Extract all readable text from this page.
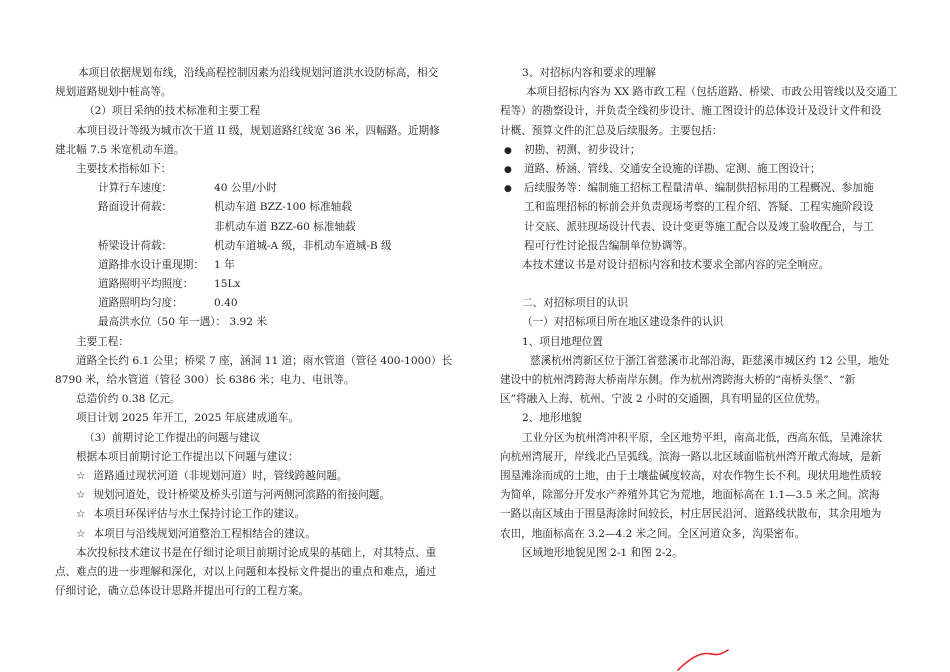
本项目依据规划布线，沿线高程控制因素为沿线规划河道洪水设防标高，相交
规划道路规划中桩高等。
（2）项目采纳的技术标准和主要工程
本项目设计等级为城市次干道 II 级，规划道路红线宽 36 米，四幅路。近期修
建北幅 7.5 米宽机动车道。
主要技术指标如下：
计算行车速度：	40 公里/小时
路面设计荷载：	机动车道 BZZ-100 标准轴载
非机动车道 BZZ-60 标准轴载
桥梁设计荷载：	机动车道城-A 级，非机动车道城-B 级
道路排水设计重现期： 1 年
道路照明平均照度：	15Lx
道路照明均匀度：	0.40
最高洪水位（50 年一遇）： 3.92 米
主要工程：
道路全长约 6.1 公里；桥梁 7 座，涵洞 11 道；雨水管道（管径 400-1000）长
8790 米，给水管道（管径 300）长 6386 米；电力、电讯等。
总造价约 0.38 亿元。
项目计划 2025 年开工，2025 年底建成通车。
（3）前期讨论工作提出的问题与建议
根据本项目前期讨论工作提出以下问题与建议：
☆ 道路通过现状河道（非规划河道）时，管线跨越问题。
☆ 规划河道处，设计桥梁及桥头引道与河两侧河滨路的衔接问题。
☆ 本项目环保评估与水土保持讨论工作的建议。
☆ 本项目与沿线规划河道整治工程相结合的建议。
本次投标技术建议书是在仔细讨论项目前期讨论成果的基础上，对其特点、重
点、难点的进一步理解和深化，对以上问题和本投标文件提出的重点和难点，通过
仔细讨论，确立总体设计思路并提出可行的工程方案。
3、对招标内容和要求的理解
本项目招标内容为 XX 路市政工程（包括道路、桥梁、市政公用管线以及交通工
程等）的勘察设计，并负责全线初步设计、施工图设计的总体设计及设计文件和设
计概、预算文件的汇总及后续服务。主要包括：
● 初勘、初测、初步设计；
● 道路、桥涵、管线、交通安全设施的详勘、定测、施工图设计；
● 后续服务等：编制施工招标工程量清单、编制供招标用的工程概况、参加施
工和监理招标的标前会并负责现场考察的工程介绍、答疑、工程实施阶段设
计交底、派驻现场设计代表、设计变更等施工配合以及竣工验收配合，与工
程可行性讨论报告编制单位协调等。
本技术建议书是对设计招标内容和技术要求全部内容的完全响应。
二、对招标项目的认识
（一）对招标项目所在地区建设条件的认识
1、项目地理位置
慈溪杭州湾新区位于浙江省慈溪市北部沿海，距慈溪市城区约 12 公里，地处
建设中的杭州湾跨海大桥南岸东侧。作为杭州湾跨海大桥的“南桥头堡”、“新
区”将融入上海、杭州、宁波 2 小时的交通圈，具有明显的区位优势。
2、地形地貌
工业分区为杭州湾冲积平原，全区地势平坦，南高北低，西高东低，呈滩涂状
向杭州湾展开，岸线北凸呈弧线。滨海一路以北区域面临杭州湾开敞式海域，是新
围垦滩涂而成的土地，由于土壤盐碱度较高，对农作物生长不利。现状用地性质较
为简单，除部分开发水产养殖外其它为荒地，地面标高在 1.1—3.5 米之间。滨海
一路以南区域由于围垦海涂时间较长，村庄居民沿河、道路线状散布，其余用地为
农田，地面标高在 3.2—4.2 米之间。全区河道众多，沟渠密布。
区域地形地貌见图 2-1 和图 2-2。
